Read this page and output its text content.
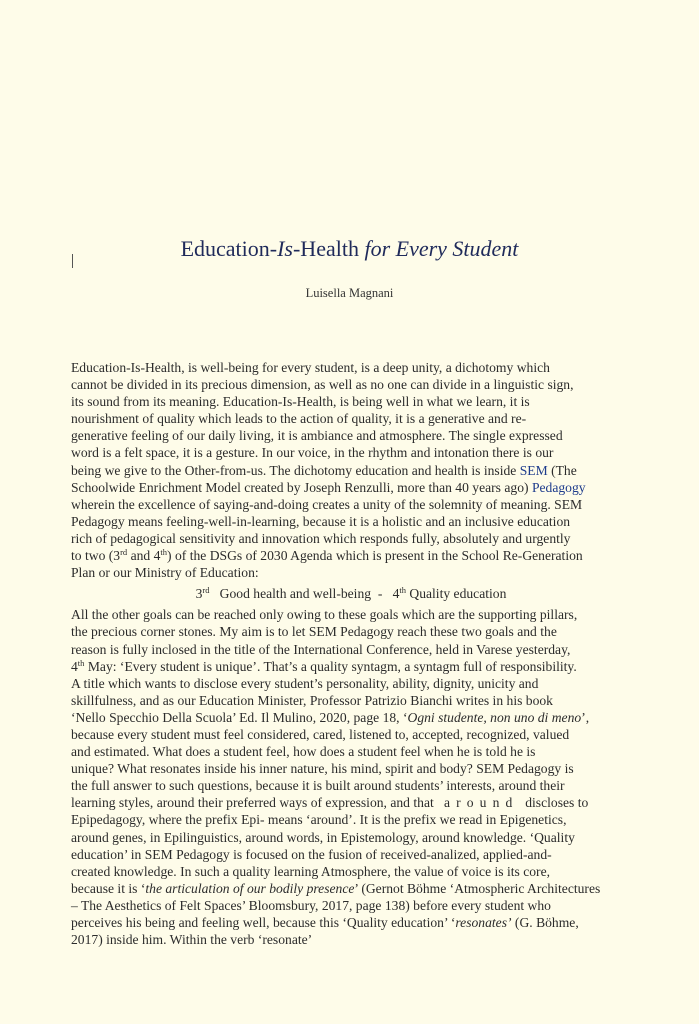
Education-Is-Health for Every Student
Luisella Magnani
Education-Is-Health, is well-being for every student, is a deep unity, a dichotomy which
cannot be divided in its precious dimension, as well as no one can divide in a linguistic sign,
its sound from its meaning. Education-Is-Health, is being well in what we learn, it is
nourishment of quality which leads to the action of quality, it is a generative and re-
generative feeling of our daily living, it is ambiance and atmosphere. The single expressed
word is a felt space, it is a gesture. In our voice, in the rhythm and intonation there is our
being we give to the Other-from-us. The dichotomy education and health is inside SEM (The
Schoolwide Enrichment Model created by Joseph Renzulli, more than 40 years ago) Pedagogy
wherein the excellence of saying-and-doing creates a unity of the solemnity of meaning. SEM
Pedagogy means feeling-well-in-learning, because it is a holistic and an inclusive education
rich of pedagogical sensitivity and innovation which responds fully, absolutely and urgently
to two (3rd and 4th) of the DSGs of 2030 Agenda which is present in the School Re-Generation
Plan or our Ministry of Education:
3rd   Good health and well-being  -   4th Quality education
All the other goals can be reached only owing to these goals which are the supporting pillars,
the precious corner stones. My aim is to let SEM Pedagogy reach these two goals and the
reason is fully inclosed in the title of the International Conference, held in Varese yesterday,
4th May: ‘Every student is unique’. That’s a quality syntagm, a syntagm full of responsibility.
A title which wants to disclose every student’s personality, ability, dignity, unicity and
skillfulness, and as our Education Minister, Professor Patrizio Bianchi writes in his book
‘Nello Specchio Della Scuola’ Ed. Il Mulino, 2020, page 18, ‘Ogni studente, non uno di meno’,
because every student must feel considered, cared, listened to, accepted, recognized, valued
and estimated. What does a student feel, how does a student feel when he is told he is
unique? What resonates inside his inner nature, his mind, spirit and body? SEM Pedagogy is
the full answer to such questions, because it is built around students’ interests, around their
learning styles, around their preferred ways of expression, and that   around  discloses to
Epipedagogy, where the prefix Epi- means ‘around’. It is the prefix we read in Epigenetics,
around genes, in Epilinguistics, around words, in Epistemology, around knowledge. ‘Quality
education’ in SEM Pedagogy is focused on the fusion of received-analized, applied-and-
created knowledge. In such a quality learning Atmosphere, the value of voice is its core,
because it is ‘the articulation of our bodily presence’ (Gernot Böhme ‘Atmospheric Architectures
– The Aesthetics of Felt Spaces’ Bloomsbury, 2017, page 138) before every student who
perceives his being and feeling well, because this ‘Quality education’ ‘resonates’ (G. Böhme,
2017) inside him. Within the verb ‘resonate’
